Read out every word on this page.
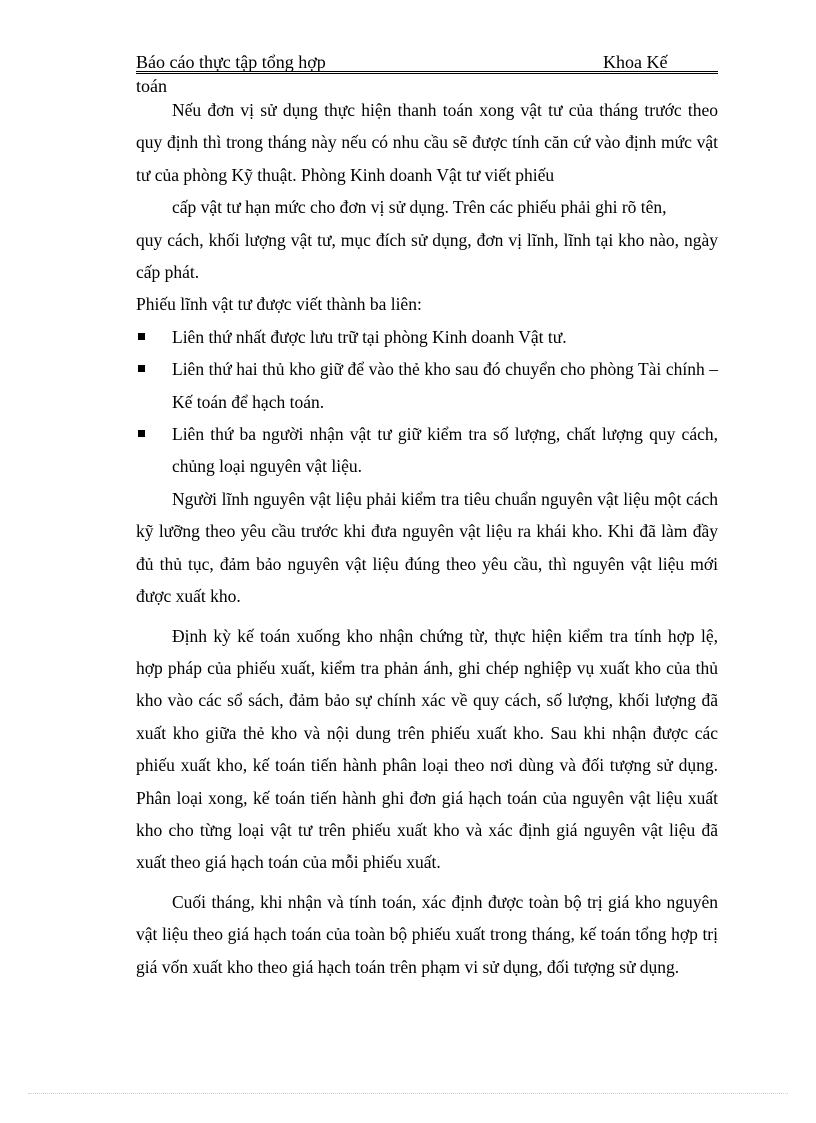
Báo cáo thực tập tổng hợp	Khoa Kế
toán

Nếu đơn vị sử dụng thực hiện thanh toán xong vật tư của tháng trước theo quy định thì trong tháng này nếu có nhu cầu sẽ được tính căn cứ vào định mức vật tư của phòng Kỹ thuật. Phòng Kinh doanh Vật tư viết phiếu

cấp vật tư hạn mức cho đơn vị sử dụng. Trên các phiếu phải ghi rõ tên,

quy cách, khối lượng vật tư, mục đích sử dụng, đơn vị lĩnh, lĩnh tại kho nào, ngày cấp phát.

Phiếu lĩnh vật tư được viết thành ba liên:

Liên thứ nhất được lưu trữ tại phòng Kinh doanh Vật tư.

Liên thứ hai thủ kho giữ để vào thẻ kho sau đó chuyển cho phòng Tài chính – Kế toán để hạch toán.

Liên thứ ba người nhận vật tư giữ kiểm tra số lượng, chất lượng quy cách, chủng loại nguyên vật liệu.

Người lĩnh nguyên vật liệu phải kiểm tra tiêu chuẩn nguyên vật liệu một cách kỹ lưỡng theo yêu cầu trước khi đưa nguyên vật liệu ra khái kho. Khi đã làm đầy đủ thủ tục, đảm bảo nguyên vật liệu đúng theo yêu cầu, thì nguyên vật liệu mới được xuất kho.

Định kỳ kế toán xuống kho nhận chứng từ, thực hiện kiểm tra tính hợp lệ, hợp pháp của phiếu xuất, kiểm tra phản ánh, ghi chép nghiệp vụ xuất kho của thủ kho vào các sổ sách, đảm bảo sự chính xác về quy cách, số lượng, khối lượng đã xuất kho giữa thẻ kho và nội dung trên phiếu xuất kho. Sau khi nhận được các phiếu xuất kho, kế toán tiến hành phân loại theo nơi dùng và đối tượng sử dụng. Phân loại xong, kế toán tiến hành ghi đơn giá hạch toán của nguyên vật liệu xuất kho cho từng loại vật tư trên phiếu xuất kho và xác định giá nguyên vật liệu đã xuất theo giá hạch toán của mỗi phiếu xuất.

Cuối tháng, khi nhận và tính toán, xác định được toàn bộ trị giá kho nguyên vật liệu theo giá hạch toán của toàn bộ phiếu xuất trong tháng, kế toán tổng hợp trị giá vốn xuất kho theo giá hạch toán trên phạm vi sử dụng, đối tượng sử dụng.
